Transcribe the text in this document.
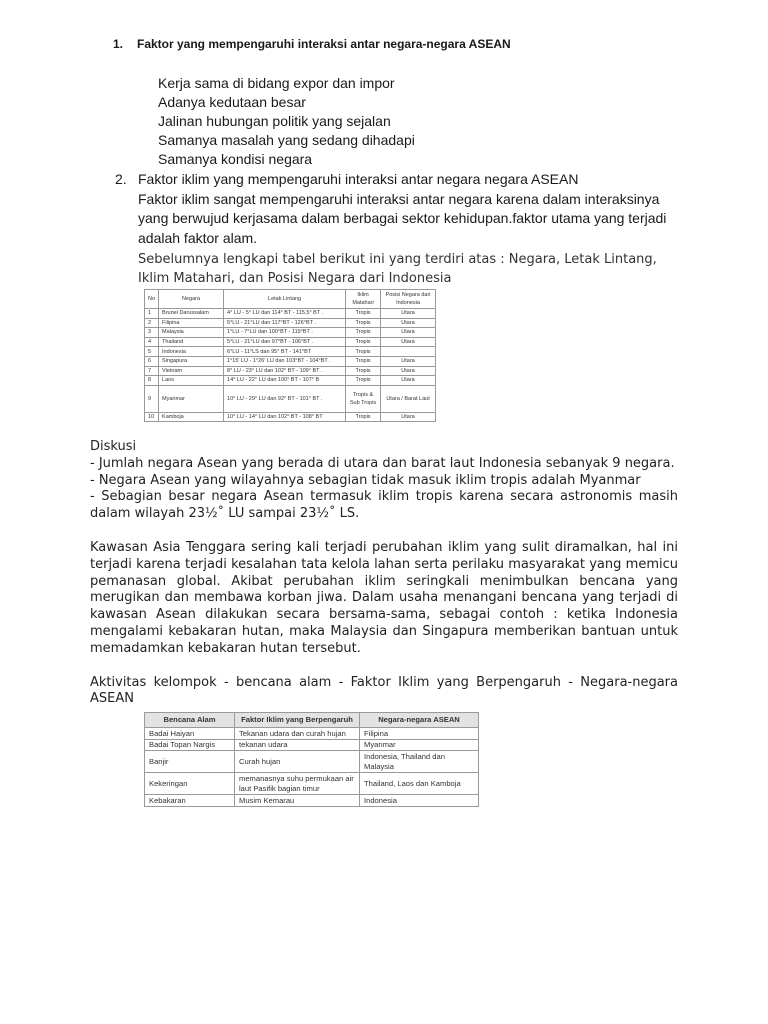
1. Faktor yang mempengaruhi interaksi antar negara-negara ASEAN
Kerja sama di bidang expor dan impor
Adanya kedutaan besar
Jalinan hubungan politik yang sejalan
Samanya masalah yang sedang dihadapi
Samanya kondisi negara
2. Faktor iklim yang mempengaruhi interaksi antar negara negara ASEAN
Faktor iklim sangat mempengaruhi interaksi antar negara karena dalam interaksinya yang berwujud kerjasama dalam berbagai sektor kehidupan.faktor utama yang terjadi adalah faktor alam.
Sebelumnya lengkapi tabel berikut ini yang terdiri atas : Negara, Letak Lintang, Iklim Matahari, dan Posisi Negara dari Indonesia
No	Negara	Letak Lintang	Iklim Matahari	Posisi Negara dari Indonesia
1	Brunei Darussalam	4° LU - 5° LU dan 114° BT - 115,5° BT .	Tropis	Utara
2	Filipina	5°LU - 21°LU dan 117°BT - 126°BT .	Tropis	Utara
3	Malaysia	1°LU - 7°LU dan 100°BT - 119°BT .	Tropis	Utara
4	Thailand	5°LU - 21°LU dan 97°BT - 106°BT .	Tropis	Utara
5	Indonesia	6°LU - 11°LS dan 95° BT - 141°BT	Tropis	
6	Singapura	1°15' LU - 1°26' LU dan 103°BT - 104°BT .	Tropis	Utara
7	Vietnam	8° LU - 23° LU dan 102° BT - 109° BT .	Tropis	Utara
8	Laos	14° LU - 22° LU dan 100° BT - 107° B	Tropis	Utara
9	Myanmar	10° LU - 29° LU dan 92° BT - 101° BT .	Tropis & Sub Tropis	Utara / Barat Laut
10	Kamboja	10° LU - 14° LU dan 102° BT - 108° BT	Tropis	Utara

Diskusi

- Jumlah negara Asean yang berada di utara dan barat laut Indonesia sebanyak 9 negara.

- Negara Asean yang wilayahnya sebagian tidak masuk iklim tropis adalah Myanmar

- Sebagian besar negara Asean termasuk iklim tropis karena secara astronomis masih dalam wilayah 23½˚ LU sampai 23½˚ LS.

Kawasan Asia Tenggara sering kali terjadi perubahan iklim yang sulit diramalkan, hal ini terjadi karena terjadi kesalahan tata kelola lahan serta perilaku masyarakat yang memicu pemanasan global. Akibat perubahan iklim seringkali menimbulkan bencana yang merugikan dan membawa korban jiwa. Dalam usaha menangani bencana yang terjadi di kawasan Asean dilakukan secara bersama-sama, sebagai contoh : ketika Indonesia mengalami kebakaran hutan, maka Malaysia dan Singapura memberikan bantuan untuk memadamkan kebakaran hutan tersebut.

Aktivitas kelompok - bencana alam - Faktor Iklim yang Berpengaruh - Negara-negara ASEAN

Bencana Alam	Faktor Iklim yang Berpengaruh	Negara-negara ASEAN
Badai Haiyan	Tekanan udara dan curah hujan	Filipina
Badai Topan Nargis	tekanan udara	Myanmar
Banjir	Curah hujan	Indonesia, Thailand dan Malaysia
Kekeringan	memanasnya suhu permukaan air laut Pasifik bagian timur	Thailand, Laos dan Kamboja
Kebakaran	Musim Kemarau	Indonesia
